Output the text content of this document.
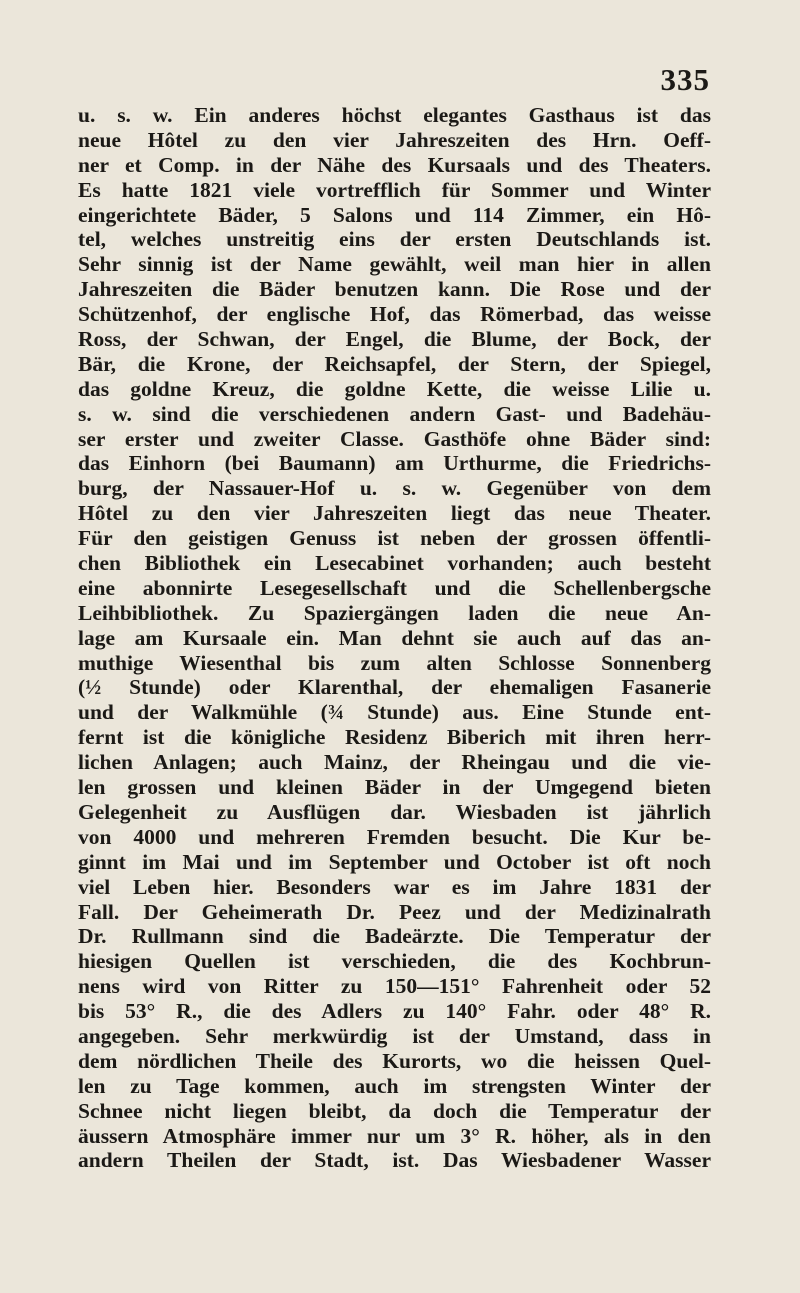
335
u. s. w. Ein anderes höchst elegantes Gasthaus ist das
neue Hôtel zu den vier Jahreszeiten des Hrn. Oeff-
ner et Comp. in der Nähe des Kursaals und des Theaters.
Es hatte 1821 viele vortrefflich für Sommer und Winter
eingerichtete Bäder, 5 Salons und 114 Zimmer, ein Hô-
tel, welches unstreitig eins der ersten Deutschlands ist.
Sehr sinnig ist der Name gewählt, weil man hier in allen
Jahreszeiten die Bäder benutzen kann. Die Rose und der
Schützenhof, der englische Hof, das Römerbad, das weisse
Ross, der Schwan, der Engel, die Blume, der Bock, der
Bär, die Krone, der Reichsapfel, der Stern, der Spiegel,
das goldne Kreuz, die goldne Kette, die weisse Lilie u.
s. w. sind die verschiedenen andern Gast- und Badehäu-
ser erster und zweiter Classe. Gasthöfe ohne Bäder sind:
das Einhorn (bei Baumann) am Urthurme, die Friedrichs-
burg, der Nassauer-Hof u. s. w. Gegenüber von dem
Hôtel zu den vier Jahreszeiten liegt das neue Theater.
Für den geistigen Genuss ist neben der grossen öffentli-
chen Bibliothek ein Lesecabinet vorhanden; auch besteht
eine abonnirte Lesegesellschaft und die Schellenbergsche
Leihbibliothek. Zu Spaziergängen laden die neue An-
lage am Kursaale ein. Man dehnt sie auch auf das an-
muthige Wiesenthal bis zum alten Schlosse Sonnenberg
(½ Stunde) oder Klarenthal, der ehemaligen Fasanerie
und der Walkmühle (¾ Stunde) aus. Eine Stunde ent-
fernt ist die königliche Residenz Biberich mit ihren herr-
lichen Anlagen; auch Mainz, der Rheingau und die vie-
len grossen und kleinen Bäder in der Umgegend bieten
Gelegenheit zu Ausflügen dar. Wiesbaden ist jährlich
von 4000 und mehreren Fremden besucht. Die Kur be-
ginnt im Mai und im September und October ist oft noch
viel Leben hier. Besonders war es im Jahre 1831 der
Fall. Der Geheimerath Dr. Peez und der Medizinalrath
Dr. Rullmann sind die Badeärzte. Die Temperatur der
hiesigen Quellen ist verschieden, die des Kochbrun-
nens wird von Ritter zu 150—151° Fahrenheit oder 52
bis 53° R., die des Adlers zu 140° Fahr. oder 48° R.
angegeben. Sehr merkwürdig ist der Umstand, dass in
dem nördlichen Theile des Kurorts, wo die heissen Quel-
len zu Tage kommen, auch im strengsten Winter der
Schnee nicht liegen bleibt, da doch die Temperatur der
äussern Atmosphäre immer nur um 3° R. höher, als in den
andern Theilen der Stadt, ist. Das Wiesbadener Wasser
